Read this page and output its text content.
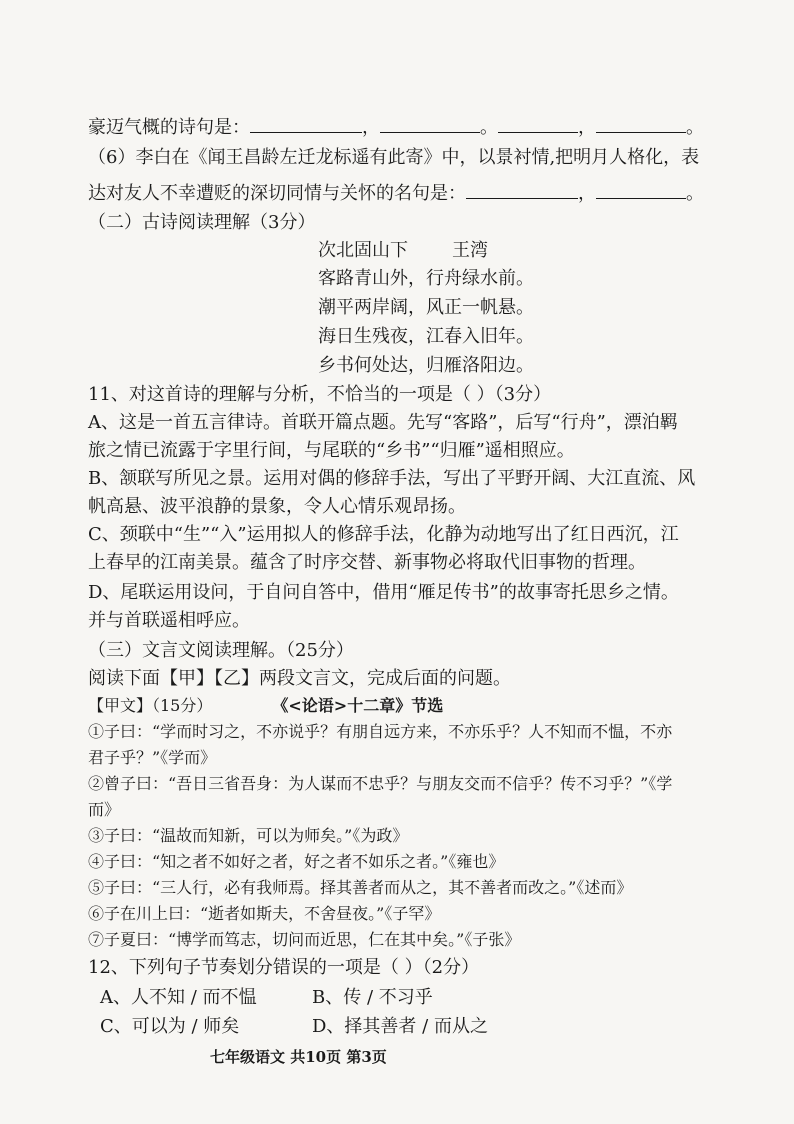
豪迈气概的诗句是：	，	。	，	。
（6）李白在《闻王昌龄左迁龙标遥有此寄》中，以景衬情,把明月人格化，表
达对友人不幸遭贬的深切同情与关怀的名句是：	，	。
（二）古诗阅读理解（3分）
次北固山下 王湾
客路青山外，行舟绿水前。
潮平两岸阔，风正一帆悬。
海日生残夜，江春入旧年。
乡书何处达，归雁洛阳边。
11、对这首诗的理解与分析，不恰当的一项是（ ）（3分）
A、这是一首五言律诗。首联开篇点题。先写“客路”，后写“行舟”，漂泊羁
旅之情已流露于字里行间，与尾联的“乡书”“归雁”遥相照应。
B、颔联写所见之景。运用对偶的修辞手法，写出了平野开阔、大江直流、风
帆高悬、波平浪静的景象，令人心情乐观昂扬。
C、颈联中“生”“入”运用拟人的修辞手法，化静为动地写出了红日西沉，江
上春早的江南美景。蕴含了时序交替、新事物必将取代旧事物的哲理。
D、尾联运用设问，于自问自答中，借用“雁足传书”的故事寄托思乡之情。
并与首联遥相呼应。
（三）文言文阅读理解。（25分）
阅读下面【甲】【乙】两段文言文，完成后面的问题。
【甲文】（15分）	《<论语>十二章》节选
①子曰：“学而时习之，不亦说乎？有朋自远方来，不亦乐乎？人不知而不愠，不亦
君子乎？”《学而》
②曾子曰：“吾日三省吾身：为人谋而不忠乎？与朋友交而不信乎？传不习乎？”《学
而》
③子曰：“温故而知新，可以为师矣。”《为政》
④子曰：“知之者不如好之者，好之者不如乐之者。”《雍也》
⑤子曰：“三人行，必有我师焉。择其善者而从之，其不善者而改之。”《述而》
⑥子在川上曰：“逝者如斯夫，不舍昼夜。”《子罕》
⑦子夏曰：“博学而笃志，切问而近思，仁在其中矣。”《子张》
12、下列句子节奏划分错误的一项是（ ）（2分）
A、人不知 / 而不愠	B、传 / 不习乎
C、可以为 / 师矣	D、择其善者 / 而从之
七年级语文 共10页 第3页
